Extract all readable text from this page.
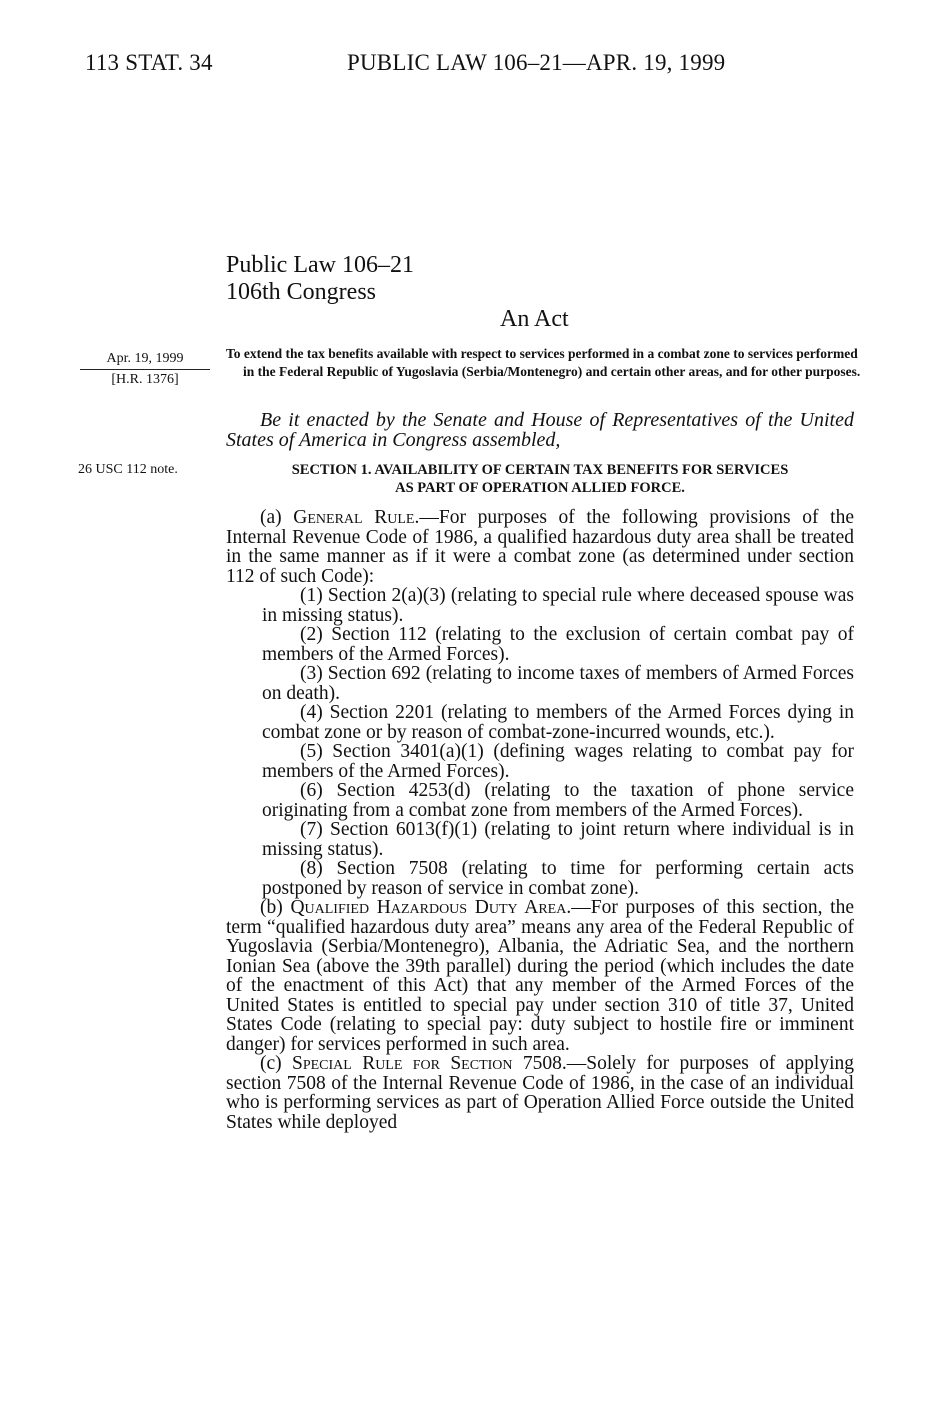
113 STAT. 34	PUBLIC LAW 106–21—APR. 19, 1999
Public Law 106–21
106th Congress
An Act
Apr. 19, 1999
[H.R. 1376]
To extend the tax benefits available with respect to services performed in a combat zone to services performed in the Federal Republic of Yugoslavia (Serbia/Montenegro) and certain other areas, and for other purposes.
Be it enacted by the Senate and House of Representatives of the United States of America in Congress assembled,
26 USC 112 note.	SECTION 1. AVAILABILITY OF CERTAIN TAX BENEFITS FOR SERVICES
AS PART OF OPERATION ALLIED FORCE.

(a) General Rule.—For purposes of the following provisions of the Internal Revenue Code of 1986, a qualified hazardous duty area shall be treated in the same manner as if it were a combat zone (as determined under section 112 of such Code):

(1) Section 2(a)(3) (relating to special rule where deceased spouse was in missing status).

(2) Section 112 (relating to the exclusion of certain combat pay of members of the Armed Forces).

(3) Section 692 (relating to income taxes of members of Armed Forces on death).

(4) Section 2201 (relating to members of the Armed Forces dying in combat zone or by reason of combat-zone-incurred wounds, etc.).

(5) Section 3401(a)(1) (defining wages relating to combat pay for members of the Armed Forces).

(6) Section 4253(d) (relating to the taxation of phone service originating from a combat zone from members of the Armed Forces).

(7) Section 6013(f)(1) (relating to joint return where individual is in missing status).

(8) Section 7508 (relating to time for performing certain acts postponed by reason of service in combat zone).

(b) Qualified Hazardous Duty Area.—For purposes of this section, the term “qualified hazardous duty area” means any area of the Federal Republic of Yugoslavia (Serbia/Montenegro), Albania, the Adriatic Sea, and the northern Ionian Sea (above the 39th parallel) during the period (which includes the date of the enactment of this Act) that any member of the Armed Forces of the United States is entitled to special pay under section 310 of title 37, United States Code (relating to special pay: duty subject to hostile fire or imminent danger) for services performed in such area.

(c) Special Rule for Section 7508.—Solely for purposes of applying section 7508 of the Internal Revenue Code of 1986, in the case of an individual who is performing services as part of Operation Allied Force outside the United States while deployed
